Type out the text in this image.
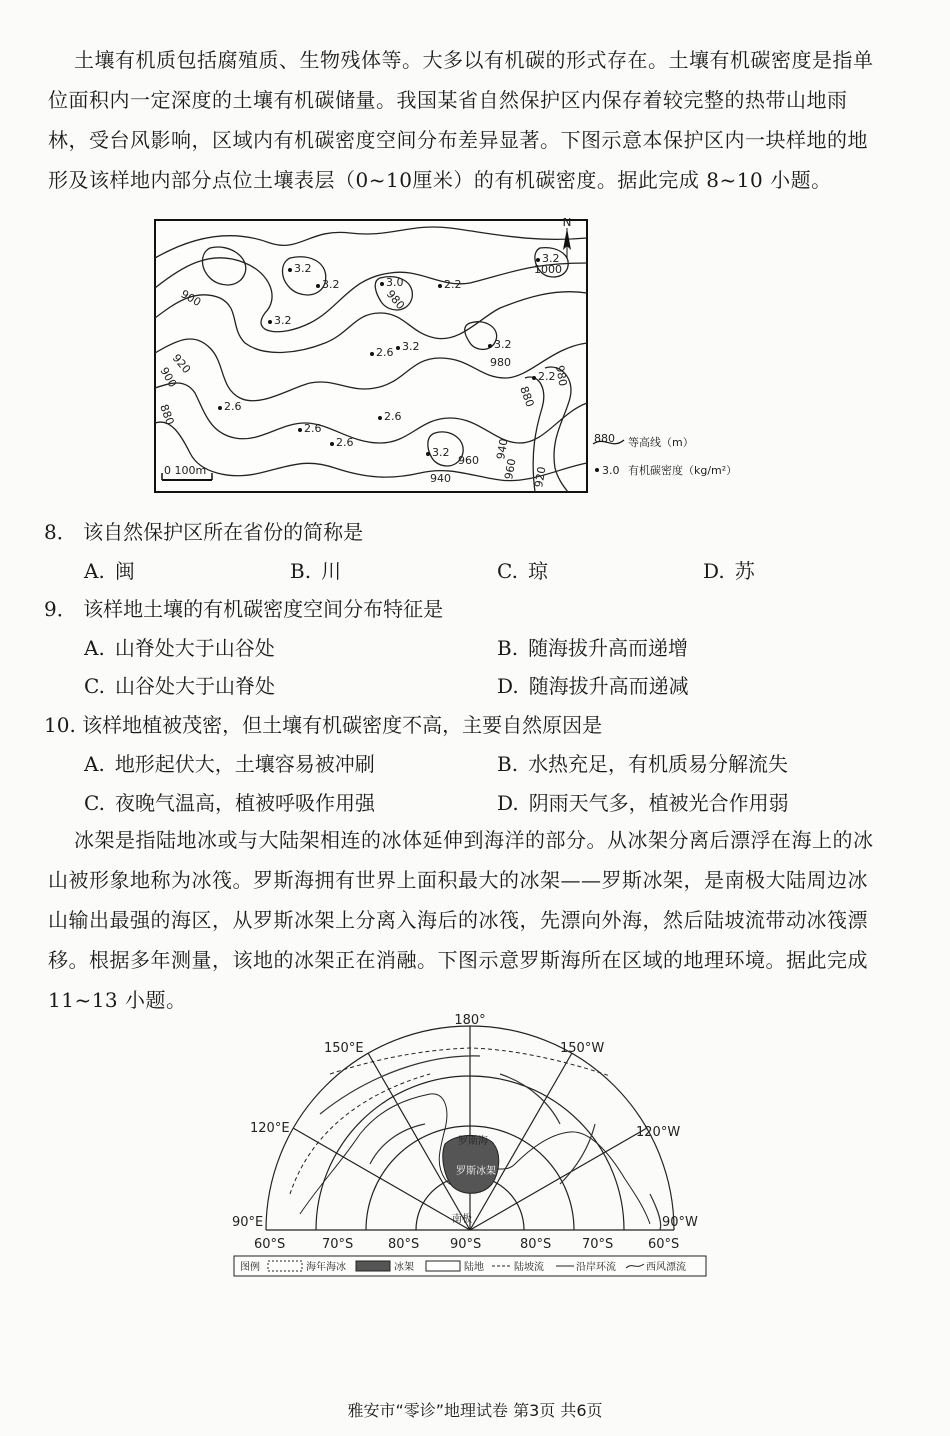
土壤有机质包括腐殖质、生物残体等。大多以有机碳的形式存在。土壤有机碳密度是指单位面积内一定深度的土壤有机碳储量。我国某省自然保护区内保存着较完整的热带山地雨林，受台风影响，区域内有机碳密度空间分布差异显著。下图示意本保护区内一块样地的地形及该样地内部分点位土壤表层（0~10厘米）的有机碳密度。据此完成 8~10 小题。

N
0 100m
1000
980
980
980
960
940
940
920
920
900
900
880
880
960
3.2
3.2
2.2
3.0
3.2
3.2
2.6
3.2
2.2
2.6
2.6
2.6
2.6
3.2
3.2
880 等高线（m）
3.0 有机碳密度（kg/m²）
8． 该自然保护区所在省份的简称是
A. 闽	B. 川	C. 琼	D. 苏
9． 该样地土壤的有机碳密度空间分布特征是
A. 山脊处大于山谷处	B. 随海拔升高而递增
C. 山谷处大于山脊处	D. 随海拔升高而递减
10. 该样地植被茂密，但土壤有机碳密度不高，主要自然原因是
A. 地形起伏大，土壤容易被冲刷	B. 水热充足，有机质易分解流失
C. 夜晚气温高，植被呼吸作用强	D. 阴雨天气多，植被光合作用弱

冰架是指陆地冰或与大陆架相连的冰体延伸到海洋的部分。从冰架分离后漂浮在海上的冰山被形象地称为冰筏。罗斯海拥有世界上面积最大的冰架——罗斯冰架，是南极大陆周边冰山输出最强的海区，从罗斯冰架上分离入海后的冰筏，先漂向外海，然后陆坡流带动冰筏漂移。根据多年测量，该地的冰架正在消融。下图示意罗斯海所在区域的地理环境。据此完成 11~13 小题。

180°
150°E	150°W
120°E	120°W
90°E	90°W
60°S	70°S	80°S 90°S	80°S 70°S	60°S
罗斯海
罗斯冰架
南极
图例	海年海冰	冰架	陆地	陆坡流	沿岸环流	西风漂流
雅安市“零诊”地理试卷 第3页 共6页
